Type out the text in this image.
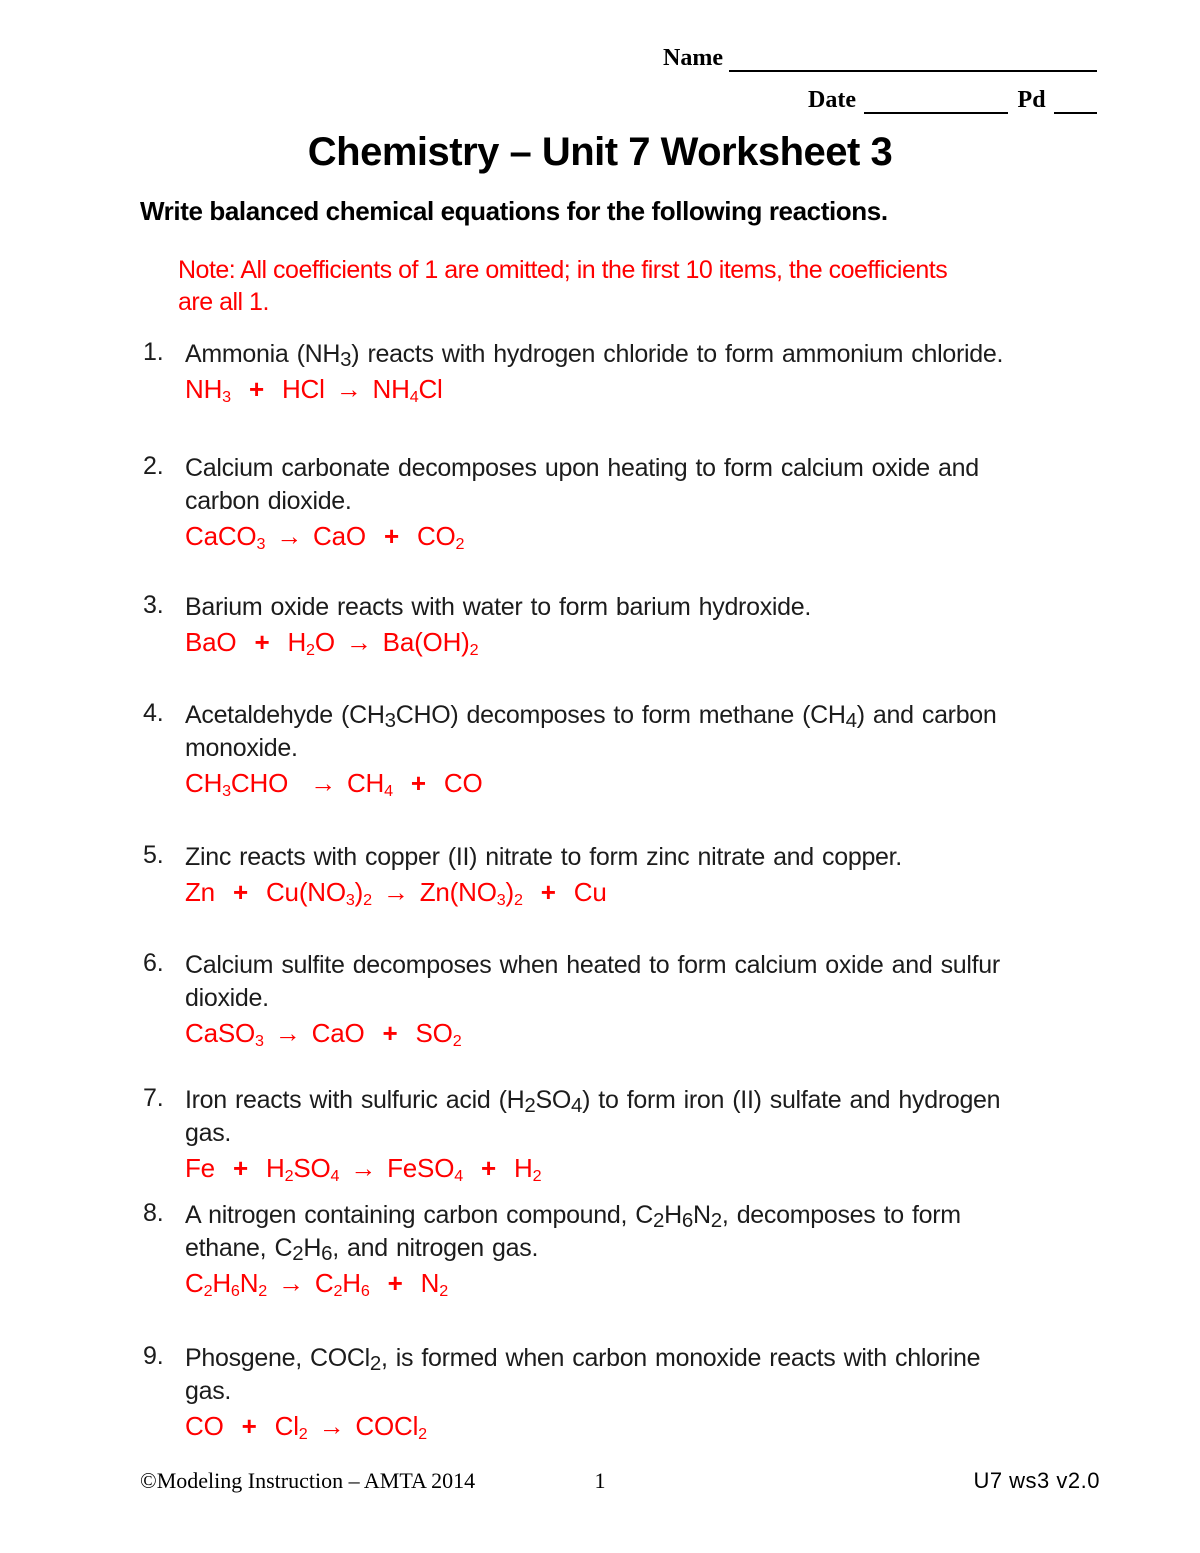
Name
Date	Pd
Chemistry – Unit 7 Worksheet 3
Write balanced chemical equations for the following reactions.
Note: All coefficients of 1 are omitted; in the first 10 items, the coefficients
are all 1.
1. Ammonia $(NH_3)$ reacts with hydrogen chloride to form ammonium chloride.
$NH_3$ + HCl → $NH_4Cl$
2. Calcium carbonate decomposes upon heating to form calcium oxide and
carbon dioxide.
CaCO$_3$ → CaO + $CO_2$
3. Barium oxide reacts with water to form barium hydroxide.
BaO + $H_2O \to Ba(OH)_2$
4. Acetaldehyde $(CH_3CHO)$ decomposes to form methane $(CH_4)$ and carbon
monoxide.
$CH_3CHO \to CH_4$ + CO
5. Zinc reacts with copper (II) nitrate to form zinc nitrate and copper.
$Zn + Cu(NO_3)_2 \to Zn(NO_3)_2 + Cu$
6. Calcium sulfite decomposes when heated to form calcium oxide and sulfur
dioxide.
CaSO$_3$ → CaO + $SO_2$
7. Iron reacts with sulfuric acid $(H_2SO_4)$ to form iron (II) sulfate and hydrogen
gas.
$Fe + H_2SO_4$ → FeSO$_4$ + $H_2$
8. A nitrogen containing carbon compound, $C_2H_6N_2$, decomposes to form
ethane, $C_2H_6$, and nitrogen gas.
$C_2H_6N_2 \to C_2H_6 + N_2$
9. Phosgene, COCl$_2$, is formed when carbon monoxide reacts with chlorine
gas.
CO + $Cl_2$ → COCl$_2$
©Modeling Instruction – AMTA 2014	1	U7 ws3 v2.0
